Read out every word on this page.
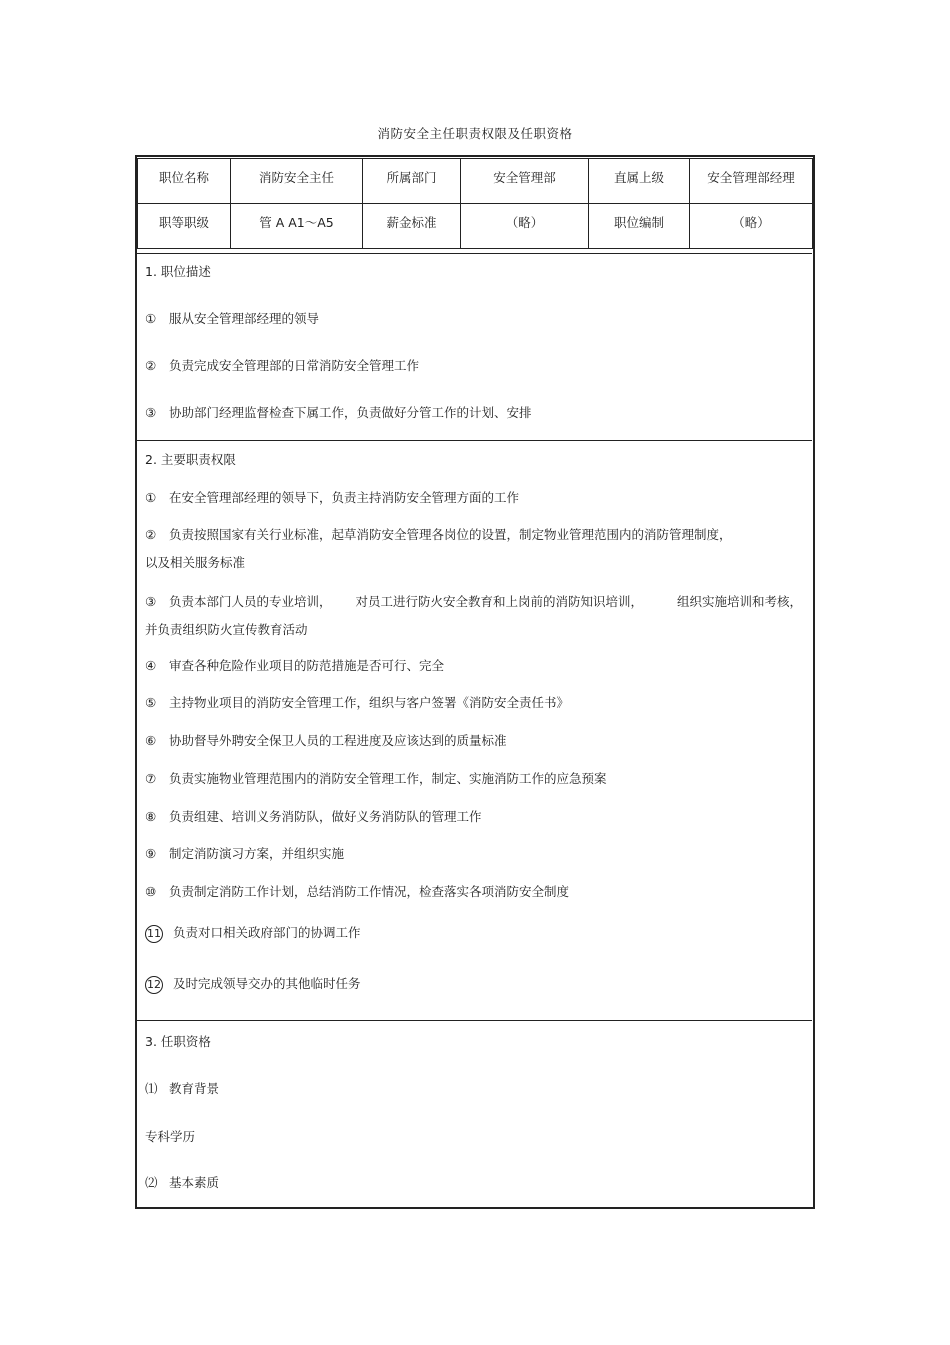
消防安全主任职责权限及任职资格
职位名称	消防安全主任	所属部门	安全管理部	直属上级	安全管理部经理
职等职级	管 A A1～A5	薪金标准	（略）	职位编制	（略）
1. 职位描述
① 服从安全管理部经理的领导
② 负责完成安全管理部的日常消防安全管理工作
③ 协助部门经理监督检查下属工作，负责做好分管工作的计划、安排
2. 主要职责权限
① 在安全管理部经理的领导下，负责主持消防安全管理方面的工作
② 负责按照国家有关行业标准，起草消防安全管理各岗位的设置，制定物业管理范围内的消防管理制度，
以及相关服务标准
③ 负责本部门人员的专业培训， 对员工进行防火安全教育和上岗前的消防知识培训，	组织实施培训和考核，
并负责组织防火宣传教育活动
④ 审查各种危险作业项目的防范措施是否可行、完全
⑤ 主持物业项目的消防安全管理工作，组织与客户签署《消防安全责任书》
⑥ 协助督导外聘安全保卫人员的工程进度及应该达到的质量标准
⑦ 负责实施物业管理范围内的消防安全管理工作，制定、实施消防工作的应急预案
⑧ 负责组建、培训义务消防队，做好义务消防队的管理工作
⑨ 制定消防演习方案，并组织实施
⑩ 负责制定消防工作计划，总结消防工作情况，检查落实各项消防安全制度
11 负责对口相关政府部门的协调工作
12 及时完成领导交办的其他临时任务
3. 任职资格
⑴ 教育背景
专科学历
⑵ 基本素质
